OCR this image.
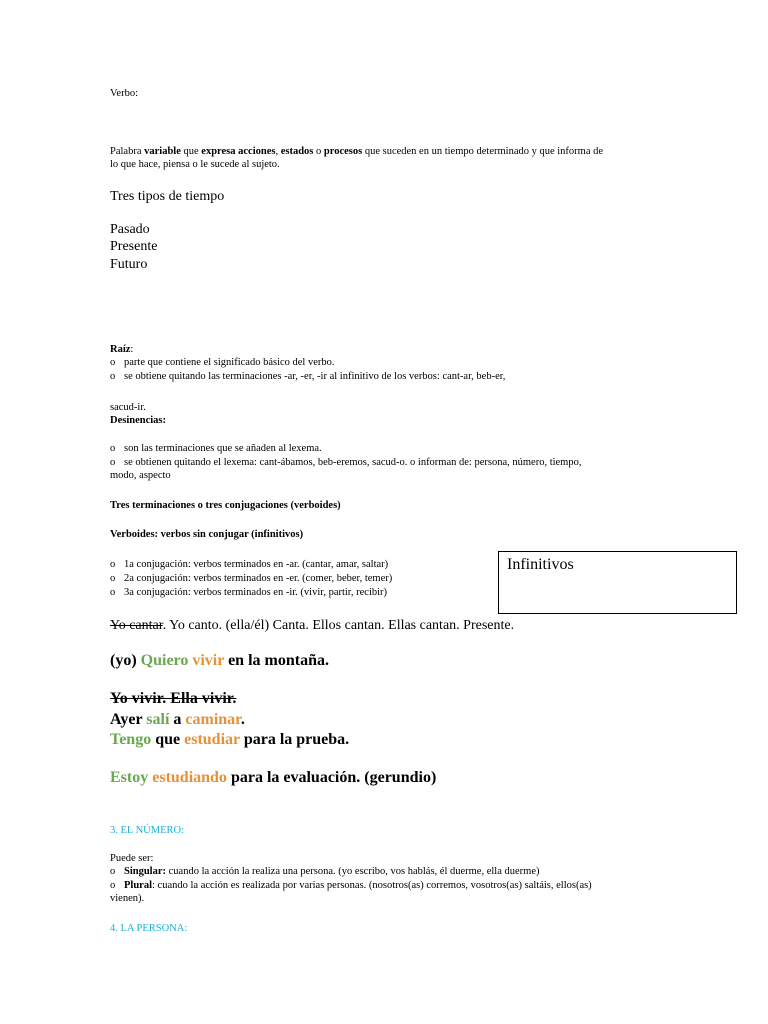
Verbo:
Palabra variable que expresa acciones, estados o procesos que suceden en un tiempo determinado y que informa de
lo que hace, piensa o le sucede al sujeto.
Tres tipos de tiempo
Pasado
Presente
Futuro
Raíz:
o parte que contiene el significado básico del verbo.
o se obtiene quitando las terminaciones -ar, -er, -ir al infinitivo de los verbos: cant-ar, beb-er,
sacud-ir.
Desinencias:
o son las terminaciones que se añaden al lexema.
o se obtienen quitando el lexema: cant-ábamos, beb-eremos, sacud-o. o informan de: persona, número, tiempo,
modo, aspecto
Tres terminaciones o tres conjugaciones (verboides)
Verboides: verbos sin conjugar (infinitivos)
o 1a conjugación: verbos terminados en -ar. (cantar, amar, saltar)
o 2a conjugación: verbos terminados en -er. (comer, beber, temer)
o 3a conjugación: verbos terminados en -ir. (vivir, partir, recibir)
Infinitivos
Yo cantar. Yo canto. (ella/él) Canta. Ellos cantan. Ellas cantan. Presente.
(yo) Quiero vivir en la montaña.
Yo vivir. Ella vivir.
Ayer salí a caminar.
Tengo que estudiar para la prueba.
Estoy estudiando para la evaluación. (gerundio)
3. EL NÚMERO:
Puede ser:
o Singular: cuando la acción la realiza una persona. (yo escribo, vos hablás, él duerme, ella duerme)
o Plural: cuando la acción es realizada por varias personas. (nosotros(as) corremos, vosotros(as) saltáis, ellos(as)
vienen).
4. LA PERSONA:
